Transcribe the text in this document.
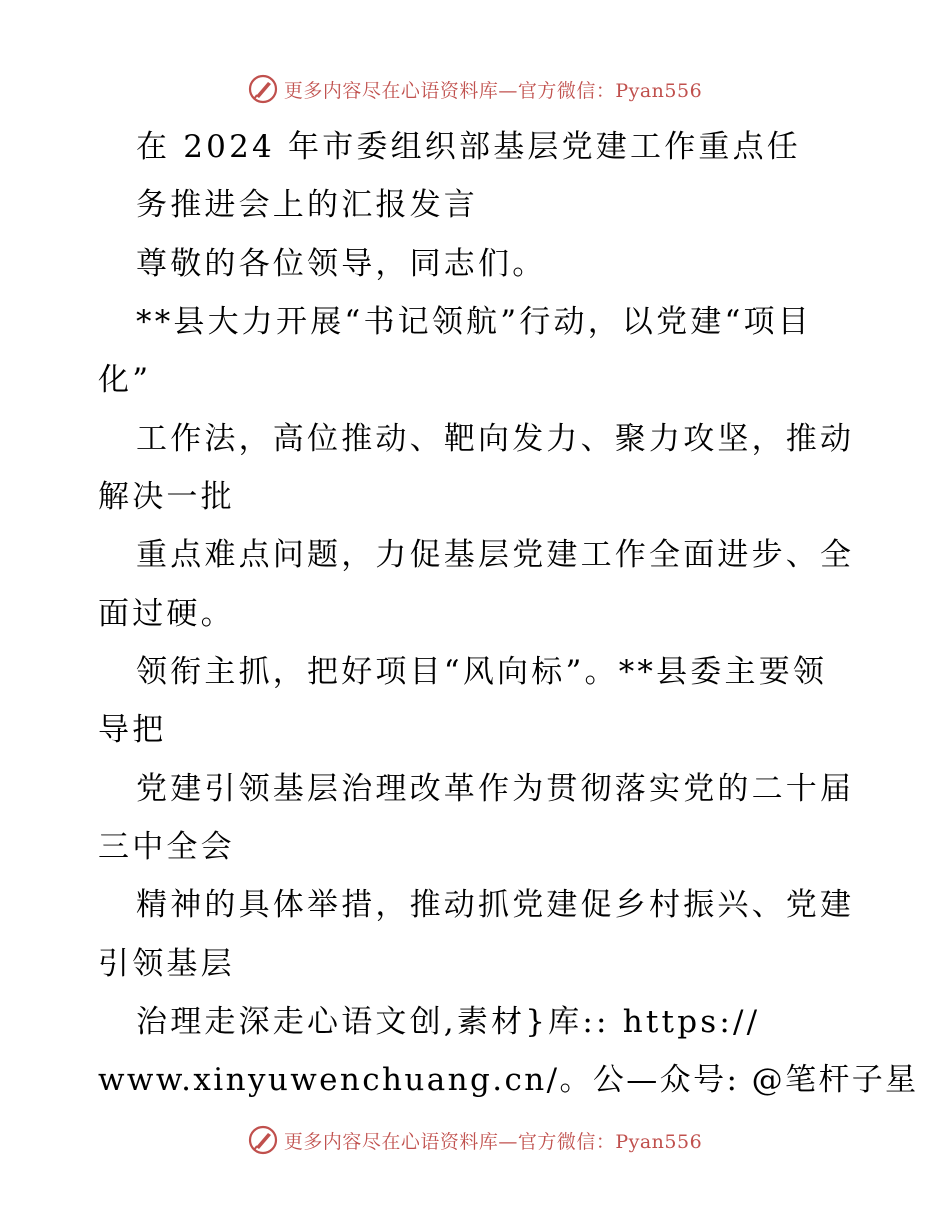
更多内容尽在心语资料库—官方微信：Pyan556
在 2024 年市委组织部基层党建工作重点任
务推进会上的汇报发言
尊敬的各位领导，同志们。
**县大力开展“书记领航”行动，以党建“项目
化”
工作法，高位推动、靶向发力、聚力攻坚，推动
解决一批
重点难点问题，力促基层党建工作全面进步、全
面过硬。
领衔主抓，把好项目“风向标”。**县委主要领
导把
党建引领基层治理改革作为贯彻落实党的二十届
三中全会
精神的具体举措，推动抓党建促乡村振兴、党建
引领基层
治理走深走心语文创,素材}库:: https://
www.xinyuwenchuang.cn/。公—众号: @笔杆子星
更多内容尽在心语资料库—官方微信：Pyan556
